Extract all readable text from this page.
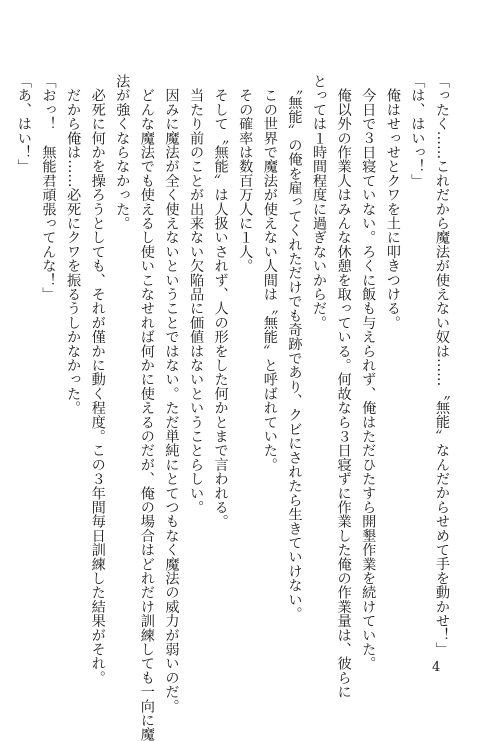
「ったく……これだから魔法が使えない奴は……〝無能〟なんだからせめて手を動かせ！」
「は、はいっ！」
　俺はせっせとクワを土に叩きつける。
　今日で３日寝ていない。ろくに飯も与えられず、俺はただひたすら開墾作業を続けていた。
　俺以外の作業人はみんな休憩を取っている。何故なら３日寝ずに作業した俺の作業量は、彼らに
とっては１時間程度に過ぎないからだ。
　〝無能〟の俺を雇ってくれただけでも奇跡であり、クビにされたら生きていけない。
　この世界で魔法が使えない人間は〝無能〟と呼ばれていた。
　その確率は数百万人に１人。
　そして〝無能〟は人扱いされず、人の形をした何かとまで言われる。
　当たり前のことが出来ない欠陥品に価値はないということらしい。
　因みに魔法が全く使えないということではない。ただ単純にとてつもなく魔法の威力が弱いのだ。
　どんな魔法でも使えるし使いこなせれば何かに使えるのだが、俺の場合はどれだけ訓練しても一向に魔
法が強くならなかった。
　必死に何かを操ろうとしても、それが僅かに動く程度。この３年間毎日訓練した結果がそれ。
　だから俺は……必死にクワを振るうしかなかった。
「おっ！　無能君頑張ってんな！」
「あ、はい！」
4
